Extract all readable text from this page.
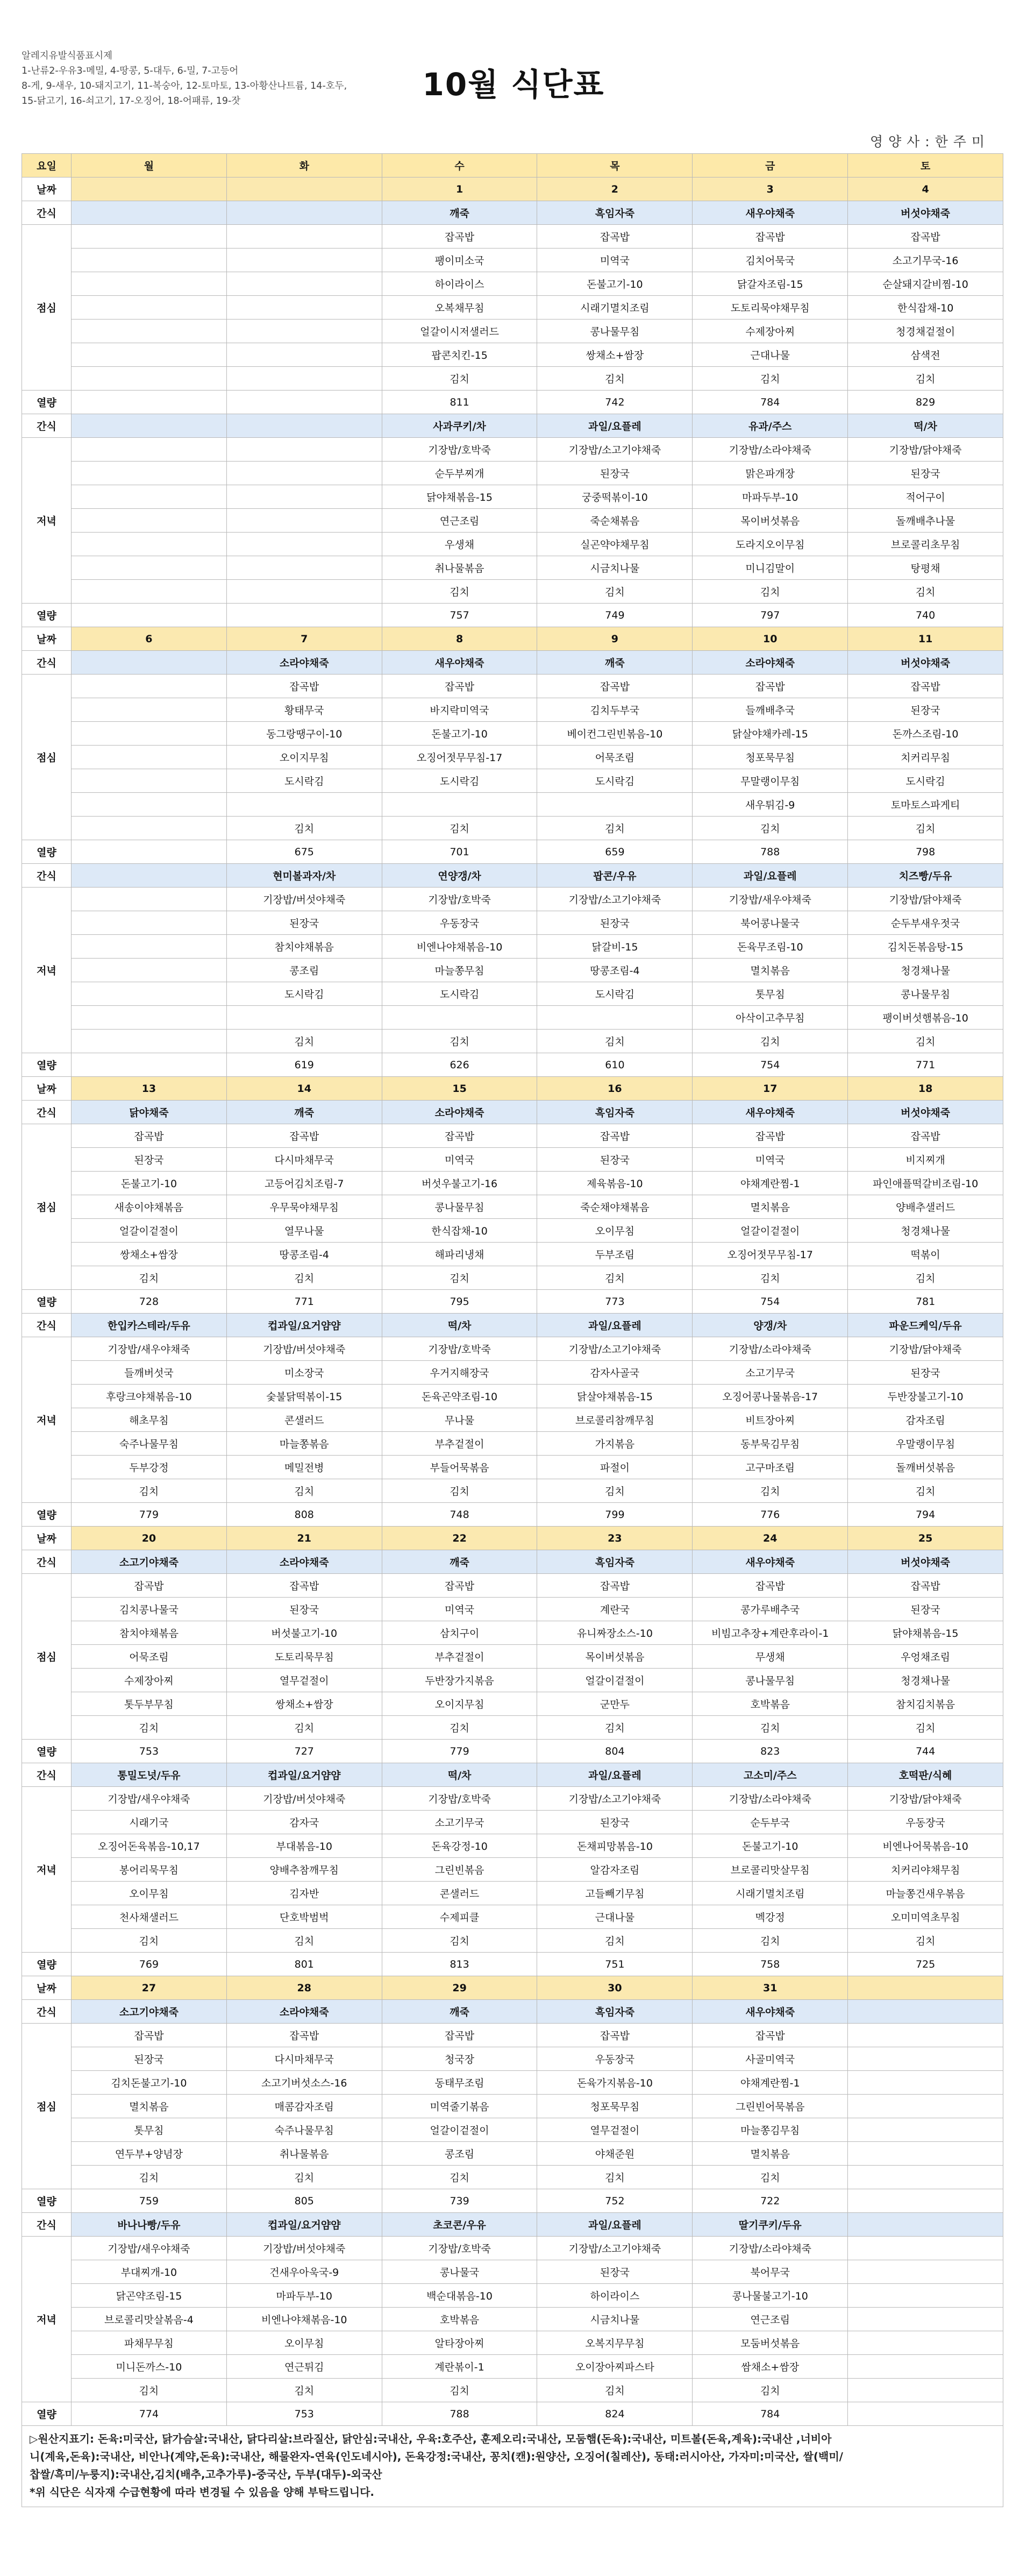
알레지유발식품표시제
1-난류2-우유3-메밀, 4-땅콩, 5-대두, 6-밀, 7-고등어
8-게, 9-새우, 10-돼지고기, 11-복숭아, 12-토마토, 13-아황산나트륨, 14-호두,
15-닭고기, 16-쇠고기, 17-오징어, 18-어패류, 19-잣	10월 식단표
영 양 사 : 한 주 미
요일	월	화	수	목	금	토
날짜			1	2	3	4
간식			깨죽	흑임자죽	새우야채죽	버섯야채죽
점심			잡곡밥	잡곡밥	잡곡밥	잡곡밥
			팽이미소국	미역국	김치어묵국	소고기무국-16
			하이라이스	돈불고기-10	닭갈자조림-15	순살돼지갈비찜-10
			오복채무침	시래기멸치조림	도토리묵야채무침	한식잡채-10
			얼갈이시저샐러드	콩나물무침	수제장아찌	청경채겉절이
			팝콘치킨-15	쌍채소+쌈장	근대나물	삼색전
			김치	김치	김치	김치
열량			811	742	784	829
간식			사과쿠키/차	과일/요플레	유과/주스	떡/차
저녁			기장밥/호박죽	기장밥/소고기야채죽	기장밥/소라야채죽	기장밥/닭야채죽
			순두부찌개	된장국	맑은파개장	된장국
			닭야채볶음-15	궁중떡볶이-10	마파두부-10	적어구이
			연근조림	죽순채볶음	목이버섯볶음	돌깨배추나물
			우생채	실곤약야채무침	도라지오이무침	브로콜리초무침
			취나물볶음	시금치나물	미니김말이	탕평채
			김치	김치	김치	김치
열량			757	749	797	740
날짜	6	7	8	9	10	11
간식		소라야채죽	새우야채죽	깨죽	소라야채죽	버섯야채죽
점심		잡곡밥	잡곡밥	잡곡밥	잡곡밥	잡곡밥
		황태무국	바지락미역국	김치두부국	들깨배추국	된장국
		동그랑땡구이-10	돈불고기-10	베이컨그린빈볶음-10	닭살야채카레-15	돈까스조림-10
		오이지무침	오징어젓무무침-17	어묵조림	청포묵무침	치커리무침
		도시락김	도시락김	도시락김	무말랭이무침	도시락김
					새우튀김-9	토마토스파게티
		김치	김치	김치	김치	김치
열량		675	701	659	788	798
간식		현미볼과자/차	연양갱/차	팝콘/우유	과일/요플레	치즈빵/두유
저녁		기장밥/버섯야채죽	기장밥/호박죽	기장밥/소고기야채죽	기장밥/새우야채죽	기장밥/닭야채죽
		된장국	우동장국	된장국	북어콩나물국	순두부새우젓국
		참치야채볶음	비엔나야채볶음-10	닭갈비-15	돈육무조림-10	김치돈볶음탕-15
		콩조림	마늘쫑무침	땅콩조림-4	멸치볶음	청경채나물
		도시락김	도시락김	도시락김	톳무침	콩나물무침
					아삭이고추무침	팽이버섯햄볶음-10
		김치	김치	김치	김치	김치
열량		619	626	610	754	771
날짜	13	14	15	16	17	18
간식	닭야채죽	깨죽	소라야채죽	흑임자죽	새우야채죽	버섯야채죽
점심	잡곡밥	잡곡밥	잡곡밥	잡곡밥	잡곡밥	잡곡밥
	된장국	다시마채무국	미역국	된장국	미역국	비지찌개
	돈불고기-10	고등어김치조림-7	버섯우불고기-16	제육볶음-10	야채계란찜-1	파인애플떡갈비조림-10
	새송이야채볶음	우무묵야채무침	콩나물무침	죽순채야채볶음	멸치볶음	양배추샐러드
	얼갈이겉절이	열무나물	한식잡채-10	오이무침	얼갈이겉절이	청경채나물
	쌍채소+쌈장	땅콩조림-4	해파리냉채	두부조림	오징어젓무무침-17	떡볶이
	김치	김치	김치	김치	김치	김치
열량	728	771	795	773	754	781
간식	한입카스테라/두유	컵과일/요거얌얌	떡/차	과일/요플레	양갱/차	파운드케익/두유
저녁	기장밥/새우야채죽	기장밥/버섯야채죽	기장밥/호박죽	기장밥/소고기야채죽	기장밥/소라야채죽	기장밥/닭야채죽
	들깨버섯국	미소장국	우거지해장국	감자사골국	소고기무국	된장국
	후랑크야채볶음-10	숯불닭떡볶이-15	돈육곤약조림-10	닭살야채볶음-15	오징어콩나물볶음-17	두반장불고기-10
	해초무침	콘샐러드	무나물	브로콜리참깨무침	비트장아찌	감자조림
	숙주나물무침	마늘쫑볶음	부추겉절이	가지볶음	동부묵김무침	우말랭이무침
	두부강정	메밀전병	부들어묵볶음	파절이	고구마조림	돌깨버섯볶음
	김치	김치	김치	김치	김치	김치
열량	779	808	748	799	776	794
날짜	20	21	22	23	24	25
간식	소고기야채죽	소라야채죽	깨죽	흑임자죽	새우야채죽	버섯야채죽
점심	잡곡밥	잡곡밥	잡곡밥	잡곡밥	잡곡밥	잡곡밥
	김치콩나물국	된장국	미역국	계란국	콩가루배추국	된장국
	참치야채볶음	버섯불고기-10	삼치구이	유니짜장소스-10	비빔고추장+계란후라이-1	닭야채볶음-15
	어묵조림	도토리묵무침	부추겉절이	목이버섯볶음	무생채	우엉채조림
	수제장아찌	열무겉절이	두반장가지볶음	얼갈이겉절이	콩나물무침	청경채나물
	톳두부무침	쌍채소+쌈장	오이지무침	군만두	호박볶음	참치김치볶음
	김치	김치	김치	김치	김치	김치
열량	753	727	779	804	823	744
간식	통밀도넛/두유	컵과일/요거얌얌	떡/차	과일/요플레	고소미/주스	호떡판/식혜
저녁	기장밥/새우야채죽	기장밥/버섯야채죽	기장밥/호박죽	기장밥/소고기야채죽	기장밥/소라야채죽	기장밥/닭야채죽
	시래기국	감자국	소고기무국	된장국	순두부국	우동장국
	오징어돈육볶음-10,17	부대볶음-10	돈육강정-10	돈채피망볶음-10	돈불고기-10	비엔나어묵볶음-10
	봉어리묵무침	양배추참깨무침	그린빈볶음	알감자조림	브로콜리맛살무침	치커리야채무침
	오이무침	김자반	콘샐러드	고들빼기무침	시래기멸치조림	마늘쫑건새우볶음
	천사채샐러드	단호박범벅	수제피클	근대나물	멕강정	오미미역초무침
	김치	김치	김치	김치	김치	김치
열량	769	801	813	751	758	725
날짜	27	28	29	30	31	
간식	소고기야채죽	소라야채죽	깨죽	흑임자죽	새우야채죽	
점심	잡곡밥	잡곡밥	잡곡밥	잡곡밥	잡곡밥	
	된장국	다시마채무국	청국장	우동장국	사골미역국	
	김치돈불고기-10	소고기버섯소스-16	동태무조림	돈육가지볶음-10	야채계란찜-1	
	멸치볶음	매콤감자조림	미역줄기볶음	청포묵무침	그린빈어묵볶음	
	톳무침	숙주나물무침	얼갈이겉절이	열무겉절이	마늘쫑김무침	
	연두부+양념장	취나물볶음	콩조림	야채준원	멸치볶음	
	김치	김치	김치	김치	김치	
열량	759	805	739	752	722	
간식	바나나빵/두유	컵과일/요거얌얌	초코콘/우유	과일/요플레	딸기쿠키/두유	
저녁	기장밥/새우야채죽	기장밥/버섯야채죽	기장밥/호박죽	기장밥/소고기야채죽	기장밥/소라야채죽	
	부대찌개-10	건새우아욱국-9	콩나물국	된장국	북어무국	
	닭곤약조림-15	마파두부-10	백순대볶음-10	하이라이스	콩나물불고기-10	
	브로콜리맛살볶음-4	비엔나야채볶음-10	호박볶음	시금치나물	연근조림	
	파채무무침	오이무침	알타장아찌	오복지무무침	모둠버섯볶음	
	미니돈까스-10	연근튀김	계란볶이-1	오이장아찌파스타	쌈채소+쌈장	
	김치	김치	김치	김치	김치	
열량	774	753	788	824	784	
▷원산지표기: 돈육:미국산, 닭가슴살:국내산, 닭다리살:브라질산, 닭안심:국내산, 우육:호주산, 훈제오리:국내산, 모둠햄(돈육):국내산, 미트볼(돈육,계육):국내산 ,너비아
니(계육,돈육):국내산, 비안나(계약,돈육):국내산, 해물완자-연육(인도네시아), 돈육강정:국내산, 꽁치(캔):원양산, 오징어(칠레산), 동태:러시아산, 가자미:미국산, 쌀(백미/
찹쌀/흑미/누룽지):국내산,김치(배추,고추가루)-중국산, 두부(대두)-외국산
*위 식단은 식자재 수급현황에 따라 변경될 수 있음을 양해 부탁드립니다.
